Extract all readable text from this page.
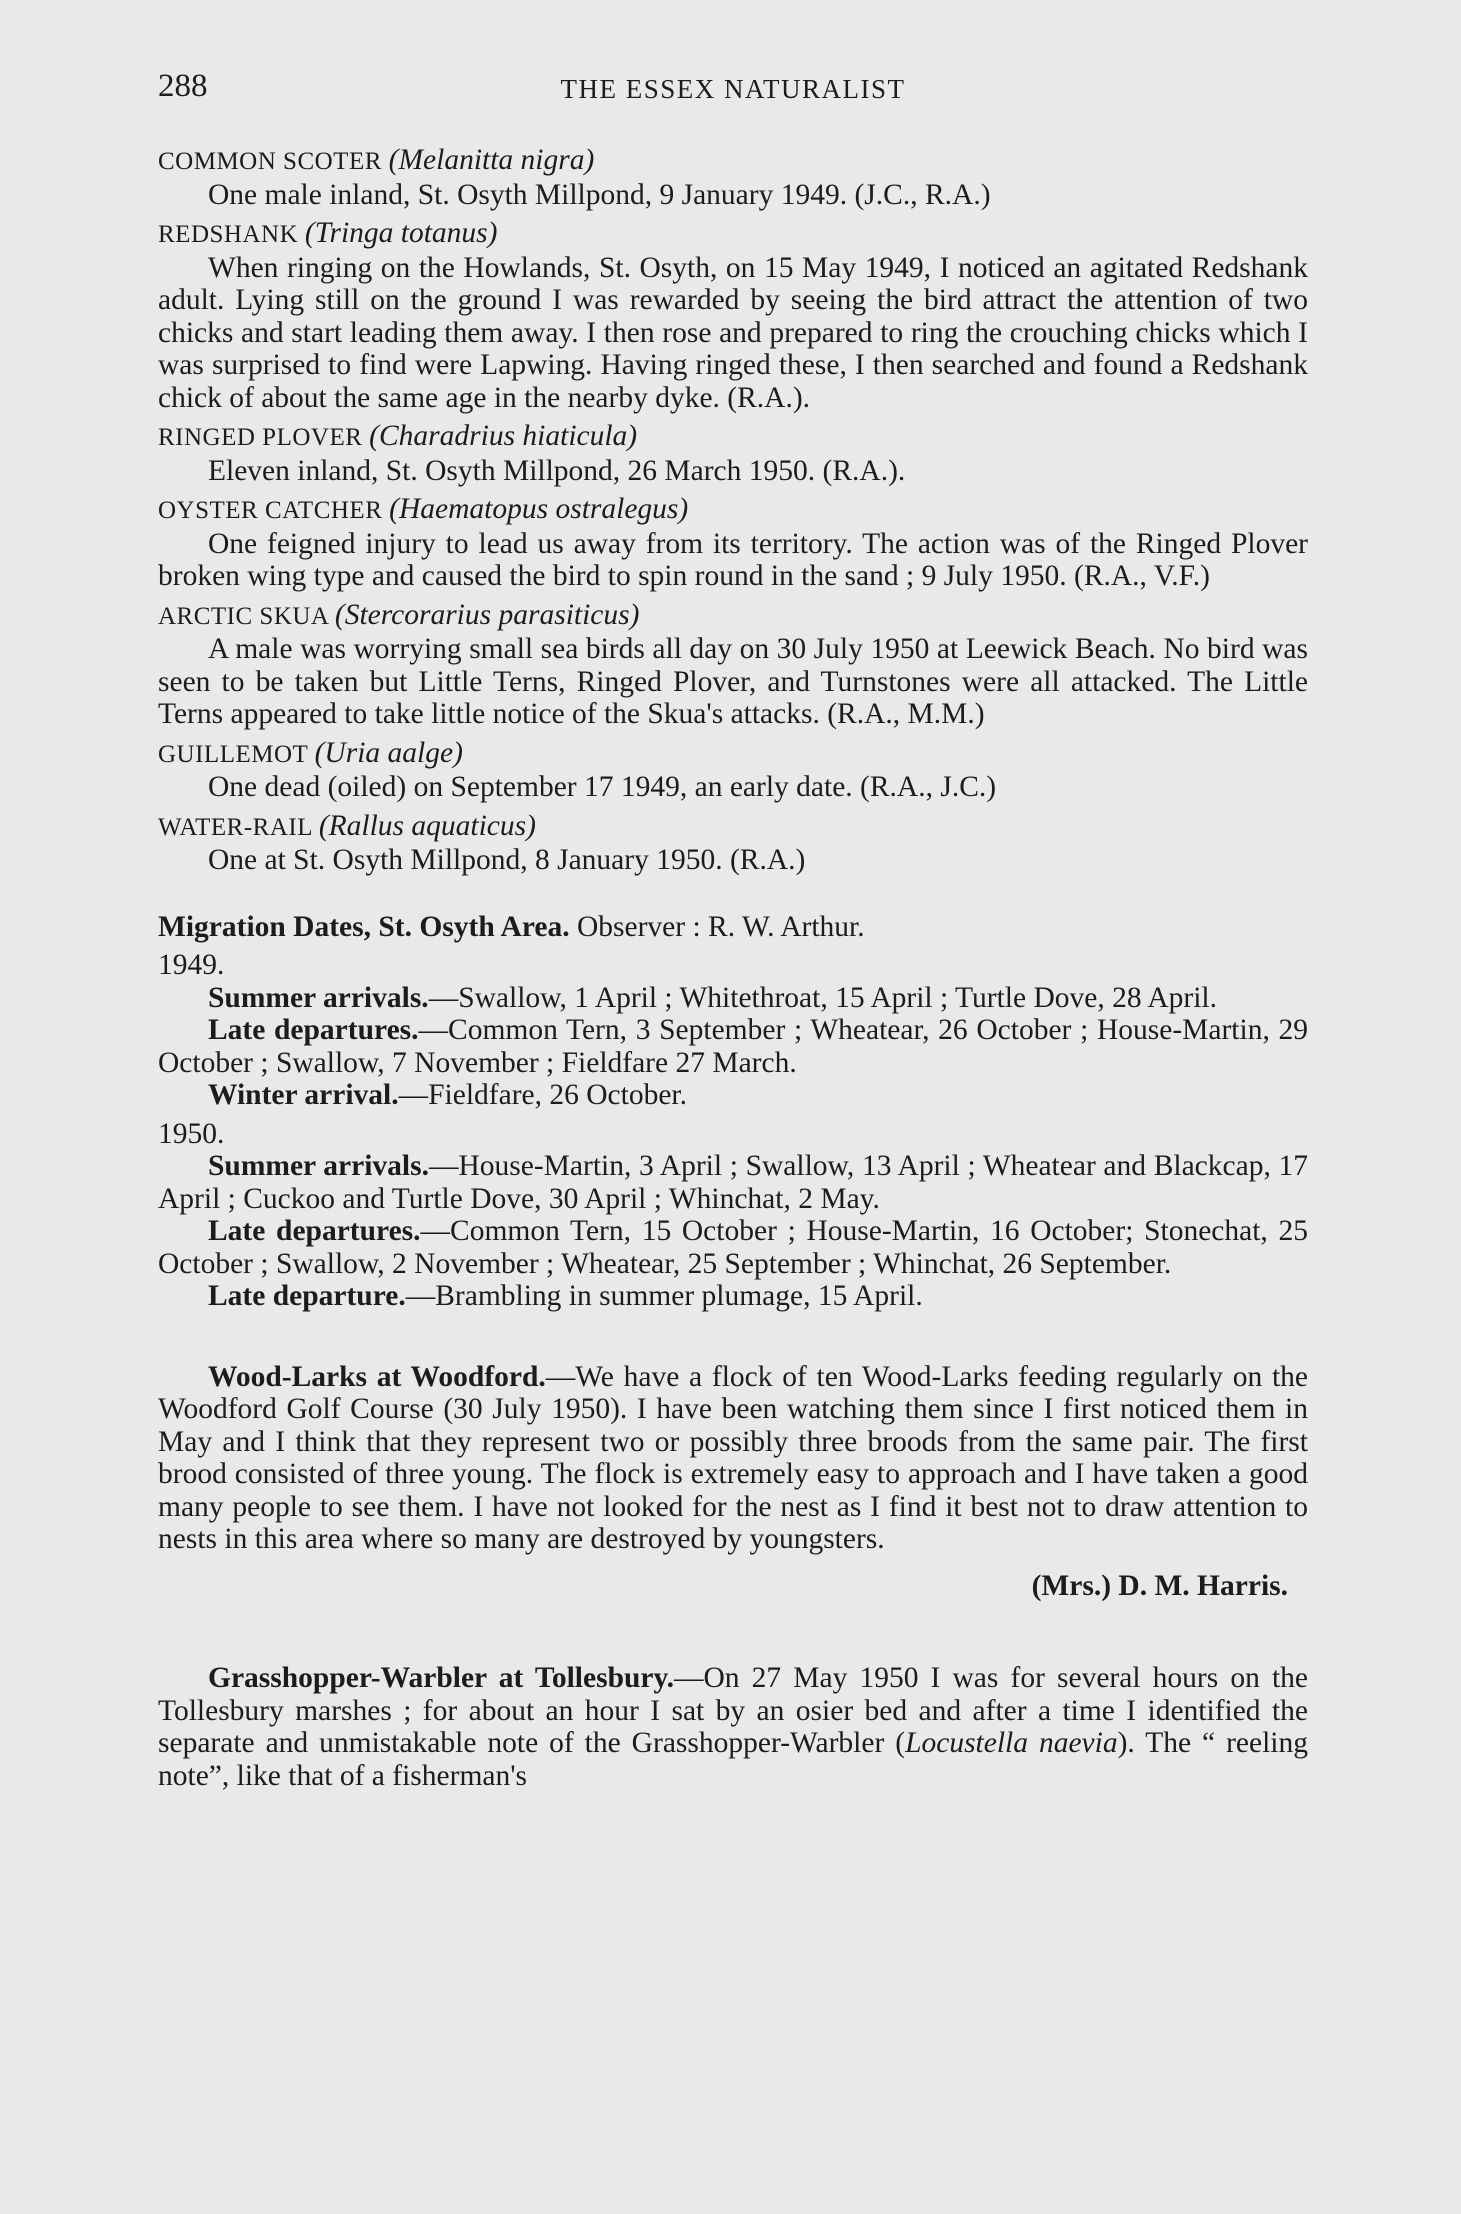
288	THE ESSEX NATURALIST

COMMON SCOTER (Melanitta nigra)

One male inland, St. Osyth Millpond, 9 January 1949. (J.C., R.A.)

REDSHANK (Tringa totanus)

When ringing on the Howlands, St. Osyth, on 15 May 1949, I noticed an agitated Redshank adult. Lying still on the ground I was rewarded by seeing the bird attract the attention of two chicks and start leading them away. I then rose and prepared to ring the crouching chicks which I was surprised to find were Lapwing. Having ringed these, I then searched and found a Redshank chick of about the same age in the nearby dyke. (R.A.).

RINGED PLOVER (Charadrius hiaticula)

Eleven inland, St. Osyth Millpond, 26 March 1950. (R.A.).

OYSTER CATCHER (Haematopus ostralegus)

One feigned injury to lead us away from its territory. The action was of the Ringed Plover broken wing type and caused the bird to spin round in the sand ; 9 July 1950. (R.A., V.F.)

ARCTIC SKUA (Stercorarius parasiticus)

A male was worrying small sea birds all day on 30 July 1950 at Leewick Beach. No bird was seen to be taken but Little Terns, Ringed Plover, and Turnstones were all attacked. The Little Terns appeared to take little notice of the Skua's attacks. (R.A., M.M.)

GUILLEMOT (Uria aalge)

One dead (oiled) on September 17 1949, an early date. (R.A., J.C.)

WATER-RAIL (Rallus aquaticus)

One at St. Osyth Millpond, 8 January 1950. (R.A.)

Migration Dates, St. Osyth Area. Observer : R. W. Arthur.

1949.

Summer arrivals.—Swallow, 1 April ; Whitethroat, 15 April ; Turtle Dove, 28 April.

Late departures.—Common Tern, 3 September ; Wheatear, 26 October ; House-Martin, 29 October ; Swallow, 7 November ; Fieldfare 27 March.

Winter arrival.—Fieldfare, 26 October.

1950.

Summer arrivals.—House-Martin, 3 April ; Swallow, 13 April ; Wheatear and Blackcap, 17 April ; Cuckoo and Turtle Dove, 30 April ; Whinchat, 2 May.

Late departures.—Common Tern, 15 October ; House-Martin, 16 October; Stonechat, 25 October ; Swallow, 2 November ; Wheatear, 25 September ; Whinchat, 26 September.

Late departure.—Brambling in summer plumage, 15 April.

Wood-Larks at Woodford.—We have a flock of ten Wood-Larks feeding regularly on the Woodford Golf Course (30 July 1950). I have been watching them since I first noticed them in May and I think that they represent two or possibly three broods from the same pair. The first brood consisted of three young. The flock is extremely easy to approach and I have taken a good many people to see them. I have not looked for the nest as I find it best not to draw attention to nests in this area where so many are destroyed by youngsters.

(Mrs.) D. M. Harris.

Grasshopper-Warbler at Tollesbury.—On 27 May 1950 I was for several hours on the Tollesbury marshes ; for about an hour I sat by an osier bed and after a time I identified the separate and unmistakable note of the Grasshopper-Warbler (Locustella naevia). The “ reeling note”, like that of a fisherman's
